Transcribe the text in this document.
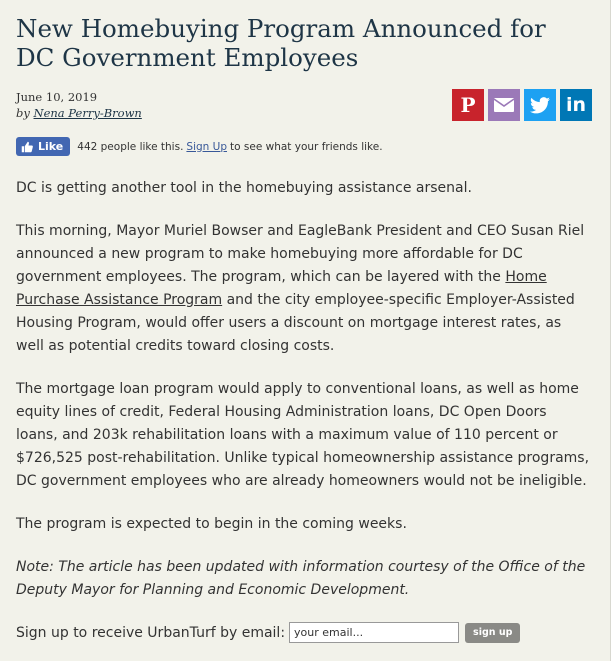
New Homebuying Program Announced for DC Government Employees
June 10, 2019
by Nena Perry-Brown	P	in
Like 442 people like this. Sign Up to see what your friends like.

DC is getting another tool in the homebuying assistance arsenal.

This morning, Mayor Muriel Bowser and EagleBank President and CEO Susan Riel announced a new program to make homebuying more affordable for DC government employees. The program, which can be layered with the Home Purchase Assistance Program and the city employee-specific Employer-Assisted Housing Program, would offer users a discount on mortgage interest rates, as well as potential credits toward closing costs.

The mortgage loan program would apply to conventional loans, as well as home equity lines of credit, Federal Housing Administration loans, DC Open Doors loans, and 203k rehabilitation loans with a maximum value of 110 percent or $726,525 post-rehabilitation. Unlike typical homeownership assistance programs, DC government employees who are already homeowners would not be ineligible.

The program is expected to begin in the coming weeks.

Note: The article has been updated with information courtesy of the Office of the Deputy Mayor for Planning and Economic Development.

Sign up to receive UrbanTurf by email:
your email...	sign up
